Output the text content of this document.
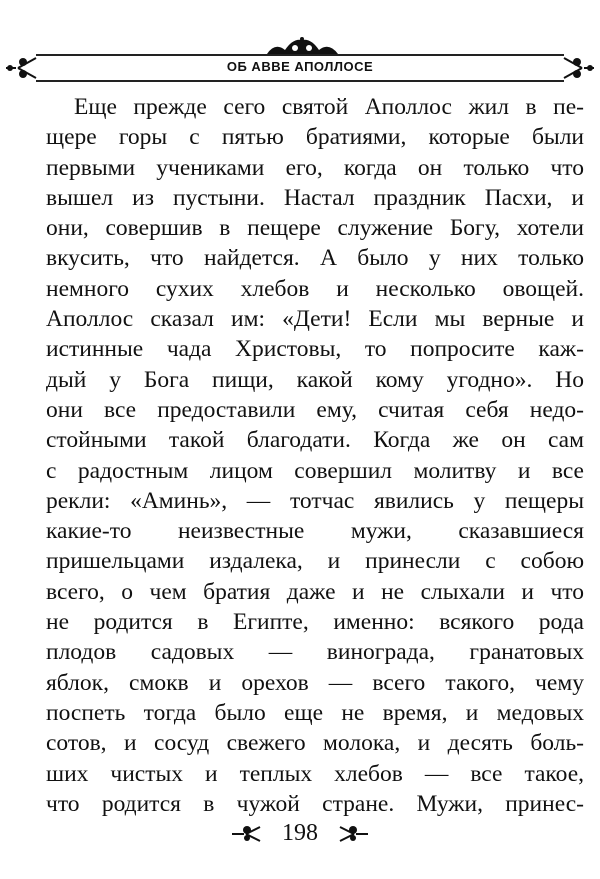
ОБ АВВЕ АПОЛЛОСЕ
Еще прежде сего святой Аполлос жил в пе-
щере горы с пятью братиями, которые были
первыми учениками его, когда он только что
вышел из пустыни. Настал праздник Пасхи, и
они, совершив в пещере служение Богу, хотели
вкусить, что найдется. А было у них только
немного сухих хлебов и несколько овощей.
Аполлос сказал им: «Дети! Если мы верные и
истинные чада Христовы, то попросите каж-
дый у Бога пищи, какой кому угодно». Но
они все предоставили ему, считая себя недо-
стойными такой благодати. Когда же он сам
с радостным лицом совершил молитву и все
рекли: «Аминь», — тотчас явились у пещеры
какие-то неизвестные мужи, сказавшиеся
пришельцами издалека, и принесли с собою
всего, о чем братия даже и не слыхали и что
не родится в Египте, именно: всякого рода
плодов садовых — винограда, гранатовых
яблок, смокв и орехов — всего такого, чему
поспеть тогда было еще не время, и медовых
сотов, и сосуд свежего молока, и десять боль-
ших чистых и теплых хлебов — все такое,
что родится в чужой стране. Мужи, принес-
198
